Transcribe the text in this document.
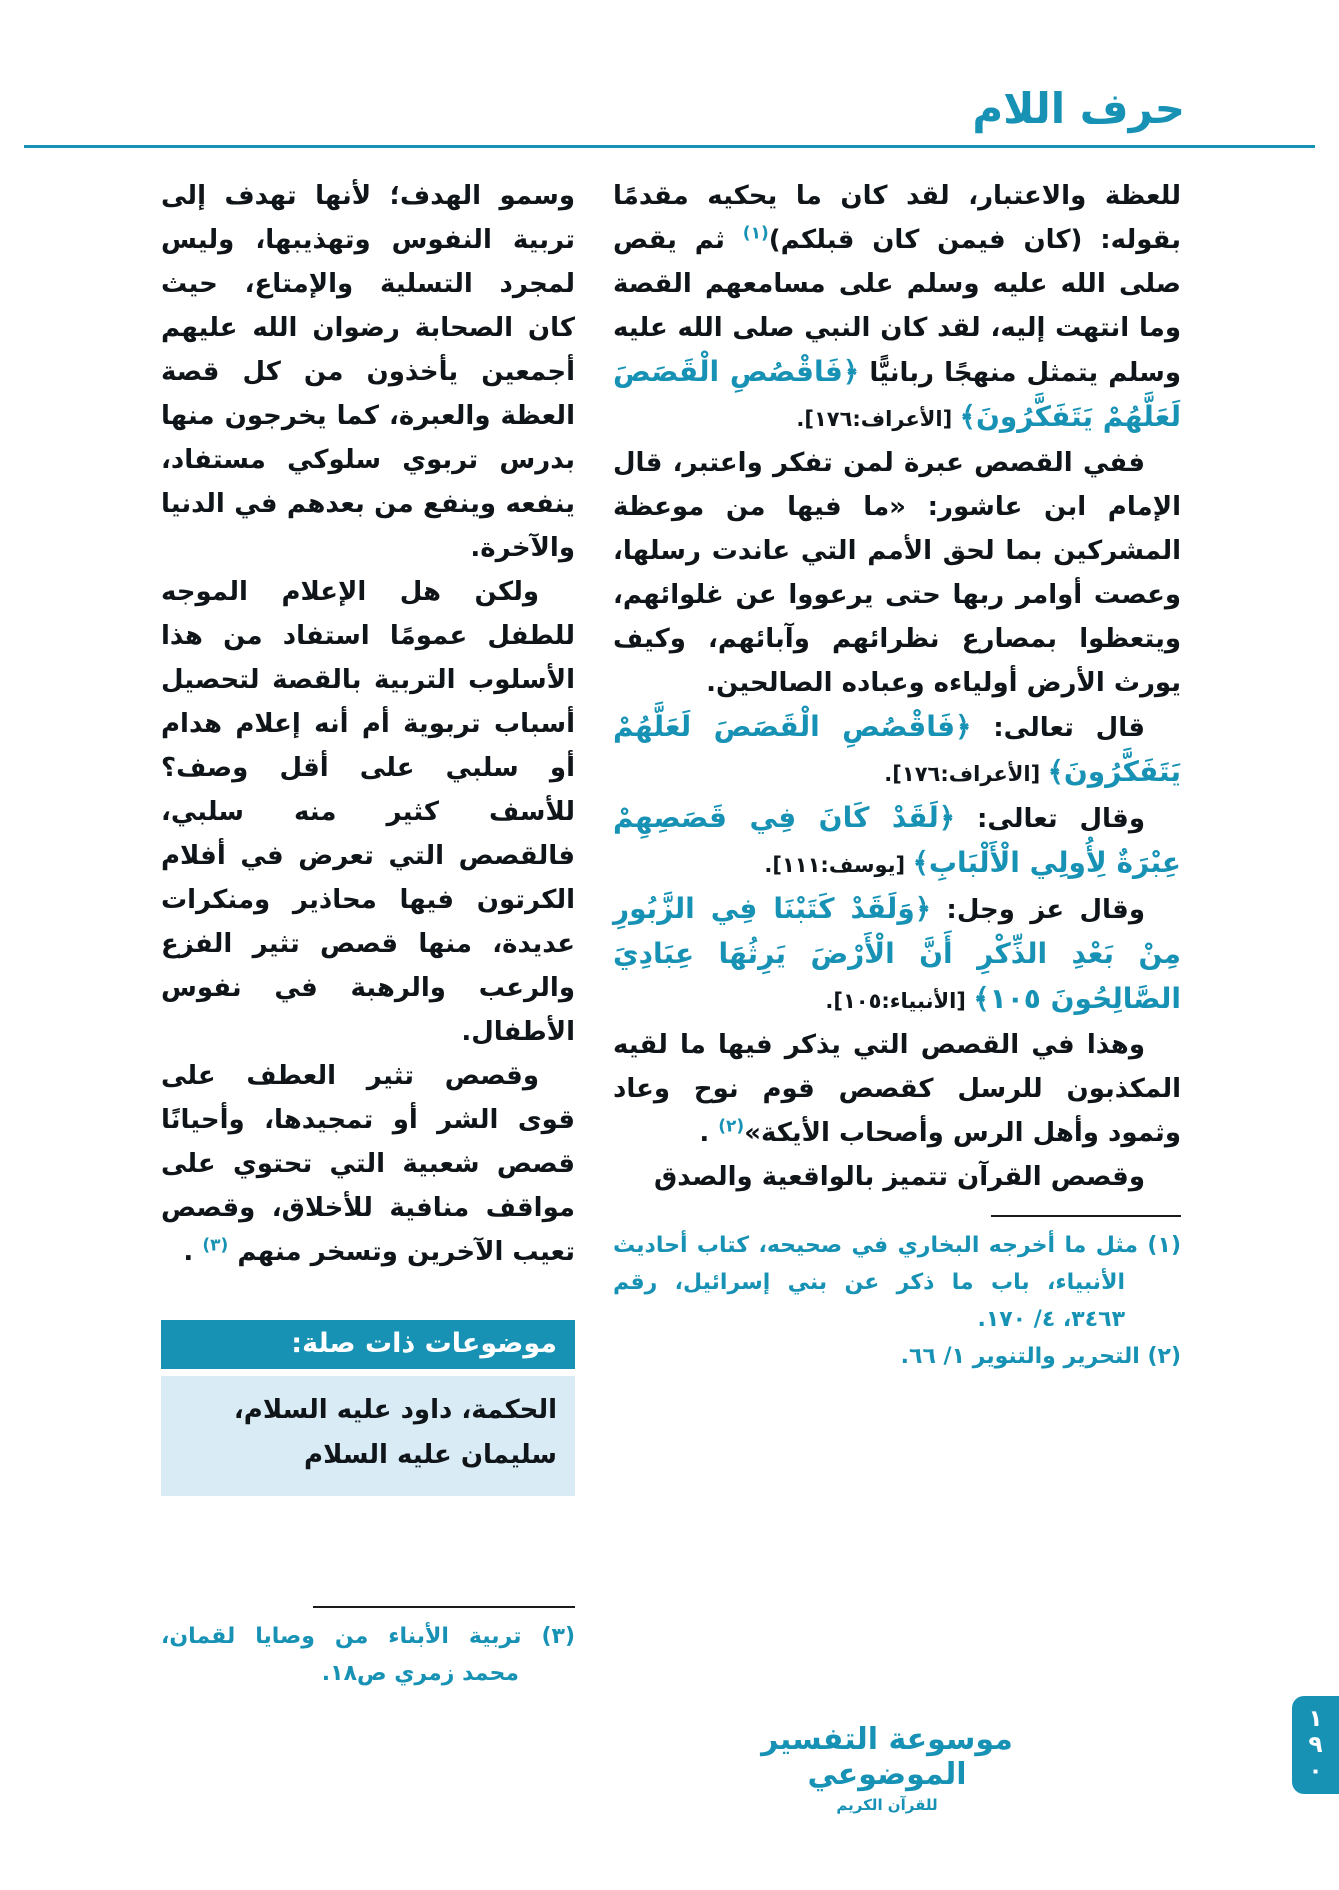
حرف اللام

للعظة والاعتبار، لقد كان ما يحكيه مقدمًا بقوله: (كان فيمن كان قبلكم)$^{(١)}$ ثم يقص صلى الله عليه وسلم على مسامعهم القصة وما انتهت إليه، لقد كان النبي صلى الله عليه وسلم يتمثل منهجًا ربانيًّا ﴿فَاقْصُصِ الْقَصَصَ لَعَلَّهُمْ يَتَفَكَّرُونَ﴾ [الأعراف:١٧٦].

ففي القصص عبرة لمن تفكر واعتبر، قال الإمام ابن عاشور: «ما فيها من موعظة المشركين بما لحق الأمم التي عاندت رسلها، وعصت أوامر ربها حتى يرعووا عن غلوائهم، ويتعظوا بمصارع نظرائهم وآبائهم، وكيف يورث الأرض أولياءه وعباده الصالحين.

قال تعالى: ﴿فَاقْصُصِ الْقَصَصَ لَعَلَّهُمْ يَتَفَكَّرُونَ﴾ [الأعراف:١٧٦].

وقال تعالى: ﴿لَقَدْ كَانَ فِي قَصَصِهِمْ عِبْرَةٌ لِأُولِي الْأَلْبَابِ﴾ [يوسف:١١١].

وقال عز وجل: ﴿وَلَقَدْ كَتَبْنَا فِي الزَّبُورِ مِنْ بَعْدِ الذِّكْرِ أَنَّ الْأَرْضَ يَرِثُهَا عِبَادِيَ الصَّالِحُونَ ١٠٥﴾ [الأنبياء:١٠٥].

وهذا في القصص التي يذكر فيها ما لقيه المكذبون للرسل كقصص قوم نوح وعاد وثمود وأهل الرس وأصحاب الأيكة»$^{(٢)}$ .

وقصص القرآن تتميز بالواقعية والصدق

(١) مثل ما أخرجه البخاري في صحيحه، كتاب أحاديث الأنبياء، باب ما ذكر عن بني إسرائيل، رقم ٣٤٦٣، ٤/ ١٧٠.
(٢) التحرير والتنوير ١/ ٦٦.

وسمو الهدف؛ لأنها تهدف إلى تربية النفوس وتهذيبها، وليس لمجرد التسلية والإمتاع، حيث كان الصحابة رضوان الله عليهم أجمعين يأخذون من كل قصة العظة والعبرة، كما يخرجون منها بدرس تربوي سلوكي مستفاد، ينفعه وينفع من بعدهم في الدنيا والآخرة.

ولكن هل الإعلام الموجه للطفل عمومًا استفاد من هذا الأسلوب التربية بالقصة لتحصيل أسباب تربوية أم أنه إعلام هدام أو سلبي على أقل وصف؟ للأسف كثير منه سلبي، فالقصص التي تعرض في أفلام الكرتون فيها محاذير ومنكرات عديدة، منها قصص تثير الفزع والرعب والرهبة في نفوس الأطفال.

وقصص تثير العطف على قوى الشر أو تمجيدها، وأحيانًا قصص شعبية التي تحتوي على مواقف منافية للأخلاق، وقصص تعيب الآخرين وتسخر منهم $^{(٣)}$ .

موضوعات ذات صلة:
الحكمة، داود عليه السلام، سليمان عليه السلام
(٣) تربية الأبناء من وصايا لقمان، محمد زمري ص١٨.
موسوعة التفسير الموضوعي
للقرآن الكريم
١٩٠
